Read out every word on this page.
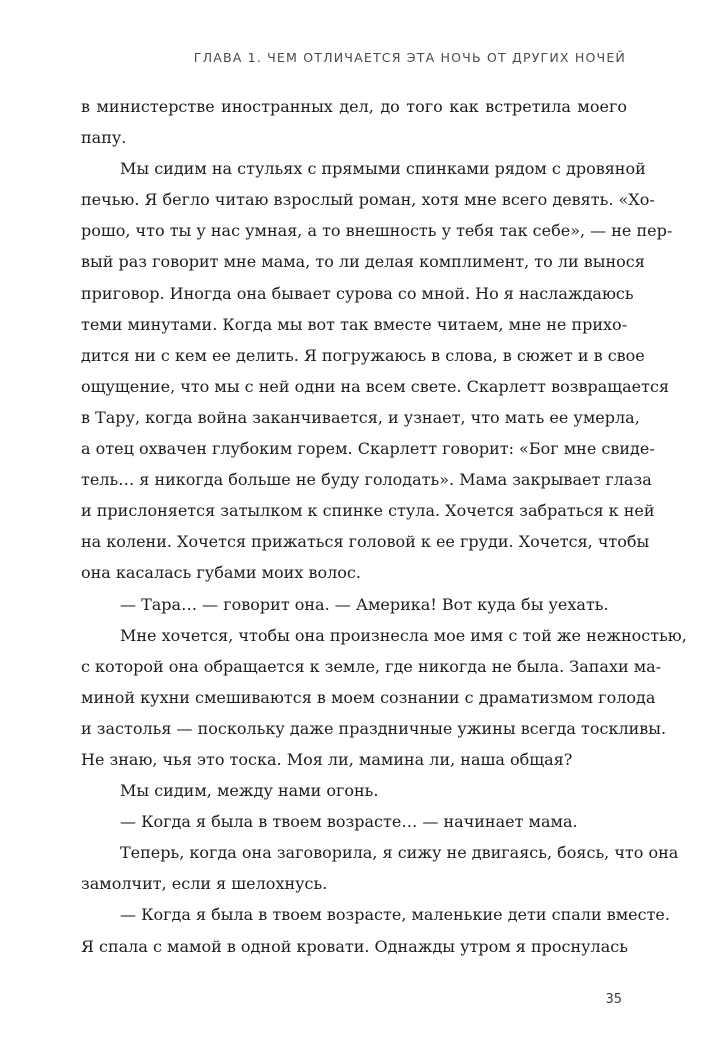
ГЛАВА 1. ЧЕМ ОТЛИЧАЕТСЯ ЭТА НОЧЬ ОТ ДРУГИХ НОЧЕЙ
в министерстве иностранных дел, до того как встретила моего
папу.
Мы сидим на стульях с прямыми спинками рядом с дровяной
печью. Я бегло читаю взрослый роман, хотя мне всего девять. «Хо-
рошо, что ты у нас умная, а то внешность у тебя так себе», — не пер-
вый раз говорит мне мама, то ли делая комплимент, то ли вынося
приговор. Иногда она бывает сурова со мной. Но я наслаждаюсь
теми минутами. Когда мы вот так вместе читаем, мне не прихо-
дится ни с кем ее делить. Я погружаюсь в слова, в сюжет и в свое
ощущение, что мы с ней одни на всем свете. Скарлетт возвращается
в Тару, когда война заканчивается, и узнает, что мать ее умерла,
а отец охвачен глубоким горем. Скарлетт говорит: «Бог мне свиде-
тель… я никогда больше не буду голодать». Мама закрывает глаза
и прислоняется затылком к спинке стула. Хочется забраться к ней
на колени. Хочется прижаться головой к ее груди. Хочется, чтобы
она касалась губами моих волос.
— Тара… — говорит она. — Америка! Вот куда бы уехать.
Мне хочется, чтобы она произнесла мое имя с той же нежностью,
с которой она обращается к земле, где никогда не была. Запахи ма-
миной кухни смешиваются в моем сознании с драматизмом голода
и застолья — поскольку даже праздничные ужины всегда тоскливы.
Не знаю, чья это тоска. Моя ли, мамина ли, наша общая?
Мы сидим, между нами огонь.
— Когда я была в твоем возрасте… — начинает мама.
Теперь, когда она заговорила, я сижу не двигаясь, боясь, что она
замолчит, если я шелохнусь.
— Когда я была в твоем возрасте, маленькие дети спали вместе.
Я спала с мамой в одной кровати. Однажды утром я проснулась
35
